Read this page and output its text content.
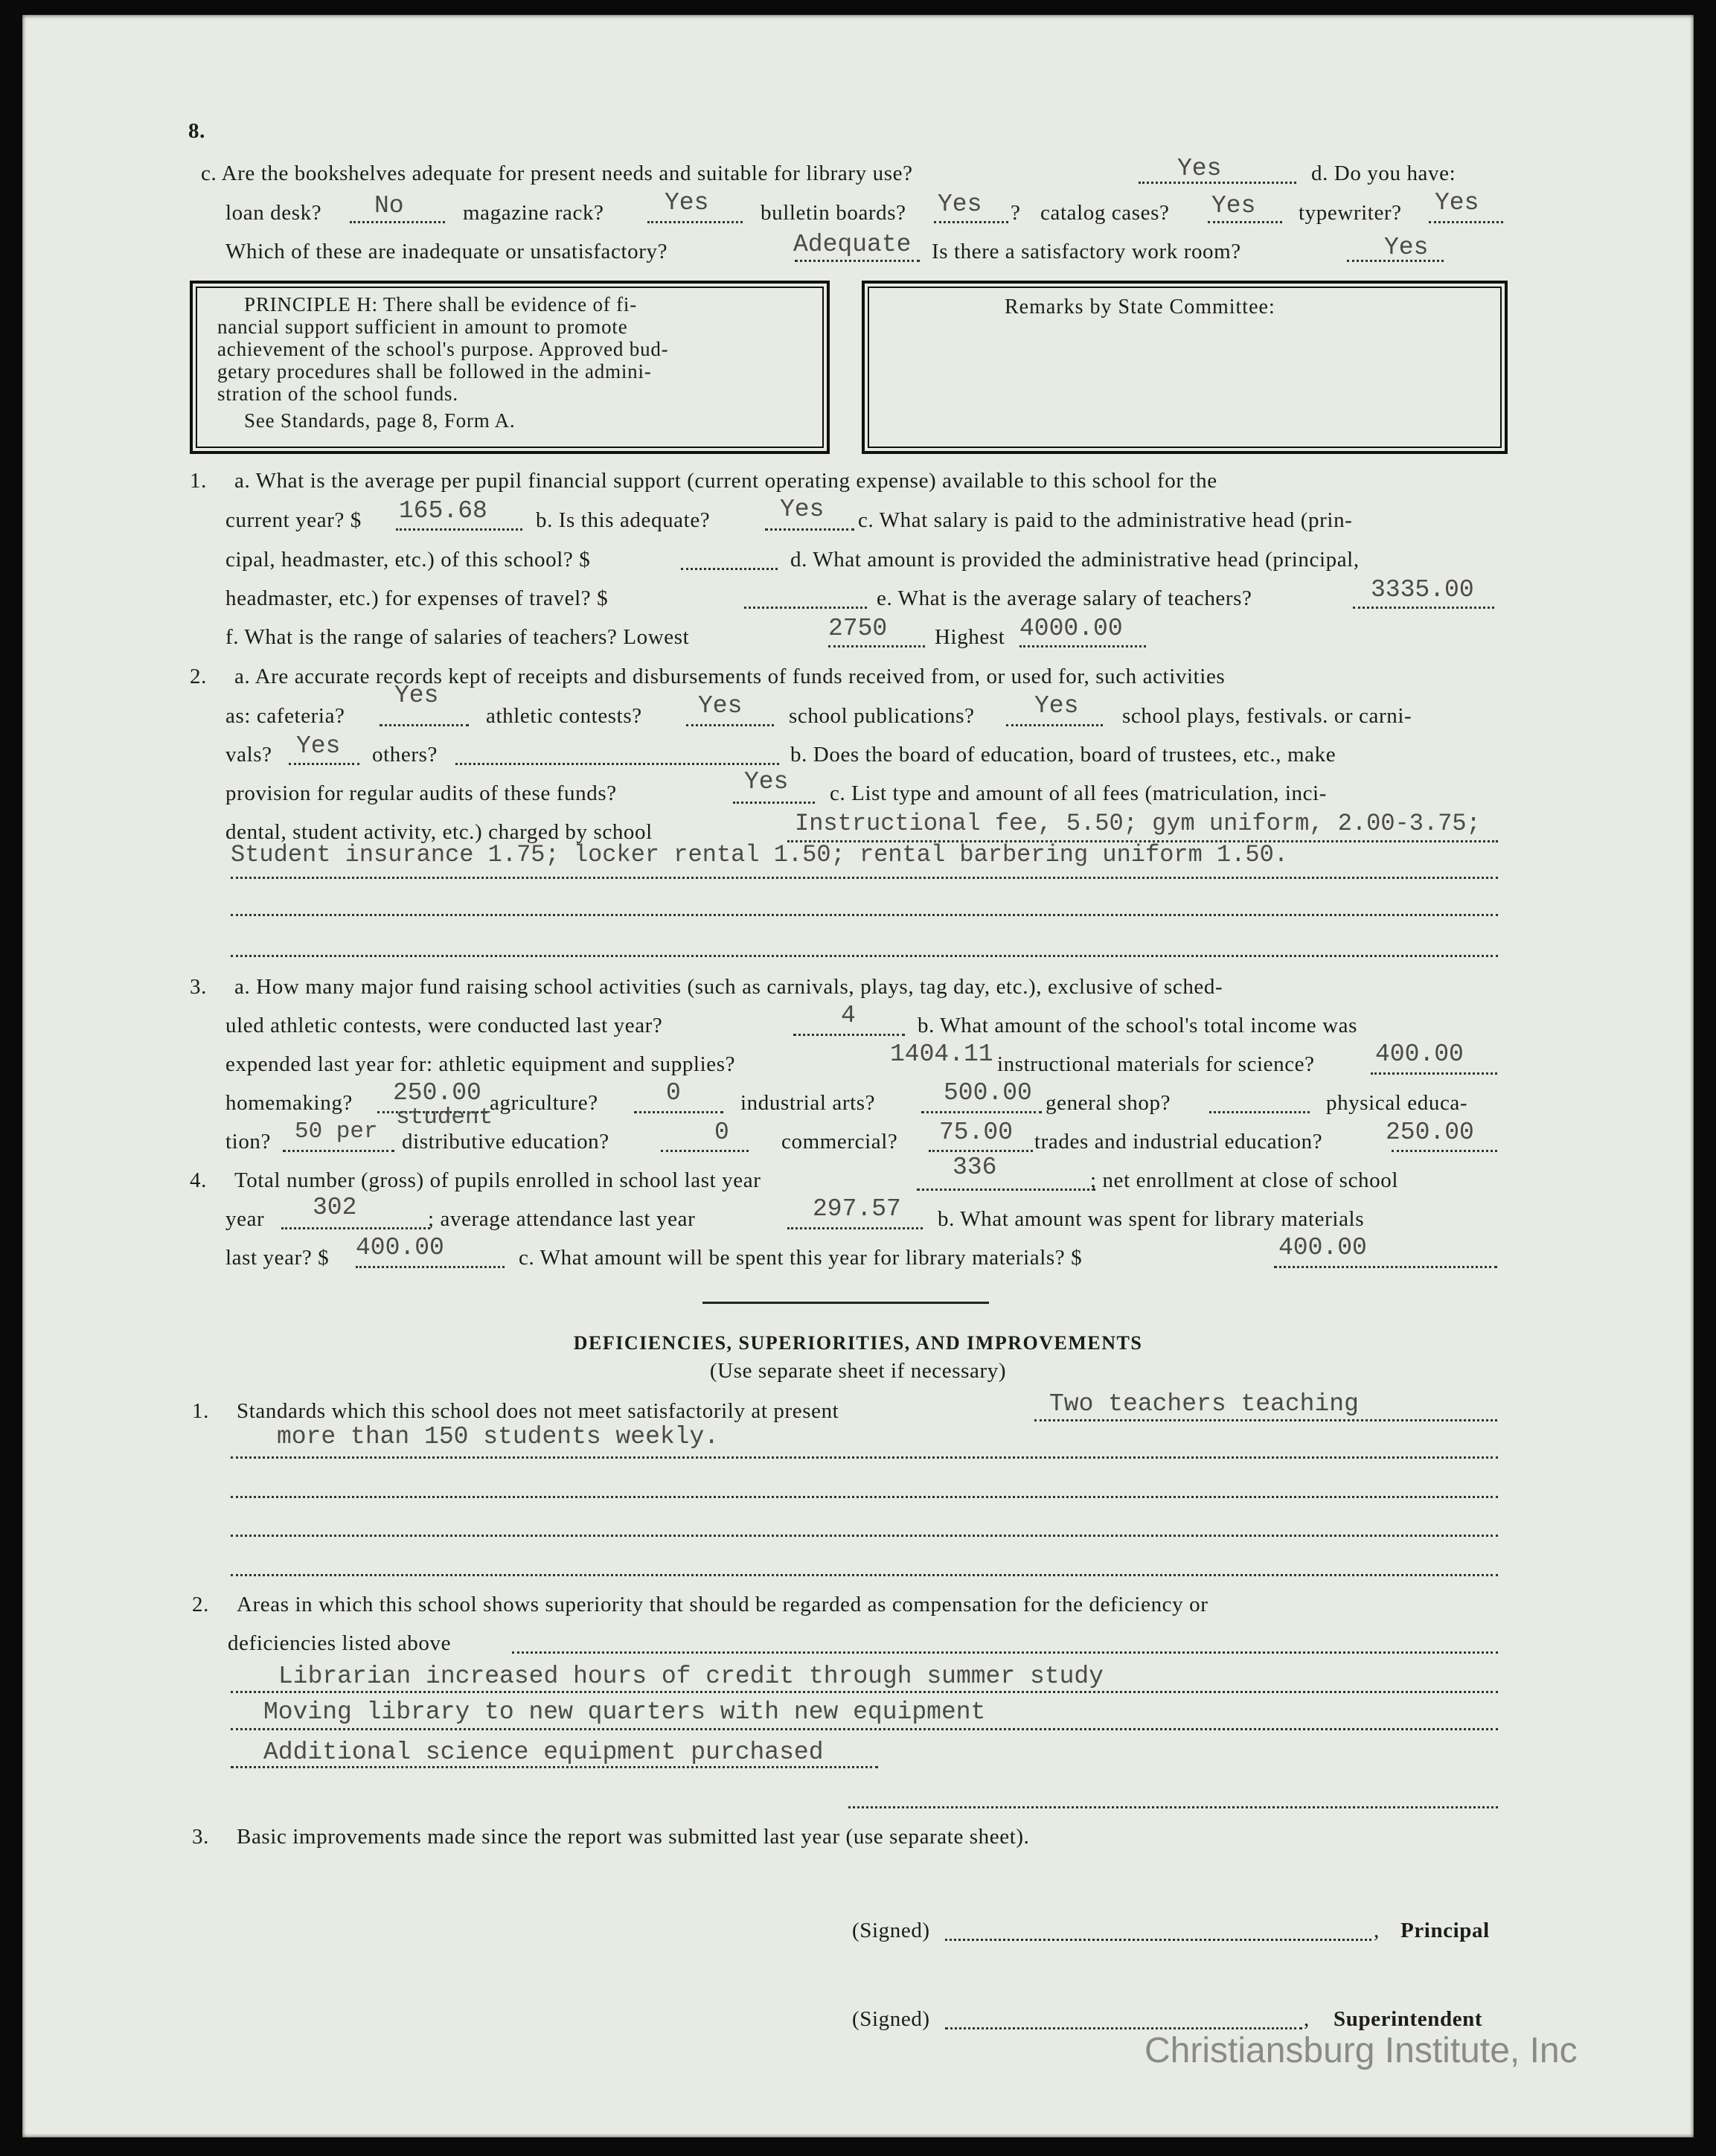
8.
c. Are the bookshelves adequate for present needs and suitable for library use?	Yes	d. Do you have:
loan desk? No	magazine rack? Yes bulletin boards? Yes ? catalog cases? Yes typewriter? Yes
Which of these are inadequate or unsatisfactory?	Adequate Is there a satisfactory work room?	Yes
PRINCIPLE H: There shall be evidence of fi-
nancial support sufficient in amount to promote
achievement of the school's purpose. Approved bud-
getary procedures shall be followed in the admini-
stration of the school funds.
See Standards, page 8, Form A.
Remarks by State Committee:
1. a. What is the average per pupil financial support (current operating expense) available to this school for the
current year? $ 165.68 b. Is this adequate?	Yes c. What salary is paid to the administrative head (prin-
cipal, headmaster, etc.) of this school? $	d. What amount is provided the administrative head (principal,
headmaster, etc.) for expenses of travel? $	e. What is the average salary of teachers?	3335.00
f. What is the range of salaries of teachers? Lowest	2750 Highest 4000.00
2. a. Are accurate records kept of receipts and disbursements of funds received from, or used for, such activities
as: cafeteria?
Yes
athletic contests? Yes school publications? Yes school plays, festivals. or carni-
vals? Yes others?	b. Does the board of education, board of trustees, etc., make
provision for regular audits of these funds?	Yes c. List type and amount of all fees (matriculation, inci-
dental, student activity, etc.) charged by school	Instructional fee, 5.50; gym uniform, 2.00-3.75;
Student insurance 1.75; locker rental 1.50; rental barbering uniform 1.50.
3. a. How many major fund raising school activities (such as carnivals, plays, tag day, etc.), exclusive of sched-
uled athletic contests, were conducted last year?	4	b. What amount of the school's total income was
expended last year for: athletic equipment and supplies?	1404.11 instructional materials for science? 400.00
homemaking? 250.00 agriculture?	0	industrial arts?	500.00 general shop?	physical educa-
tion? 50 per
student
distributive education?	0 commercial? 75.00 trades and industrial education?	250.00
4. Total number (gross) of pupils enrolled in school last year	336	; net enrollment at close of school
year 302	; average attendance last year	297.57 b. What amount was spent for library materials
last year? $ 400.00	c. What amount will be spent this year for library materials? $	400.00
DEFICIENCIES, SUPERIORITIES, AND IMPROVEMENTS
(Use separate sheet if necessary)
1. Standards which this school does not meet satisfactorily at present	Two teachers teaching
more than 150 students weekly.
2. Areas in which this school shows superiority that should be regarded as compensation for the deficiency or
deficiencies listed above
Librarian increased hours of credit through summer study
Moving library to new quarters with new equipment
Additional science equipment purchased
3. Basic improvements made since the report was submitted last year (use separate sheet).
(Signed)	, Principal
(Signed)	, Superintendent
Christiansburg Institute, Inc
